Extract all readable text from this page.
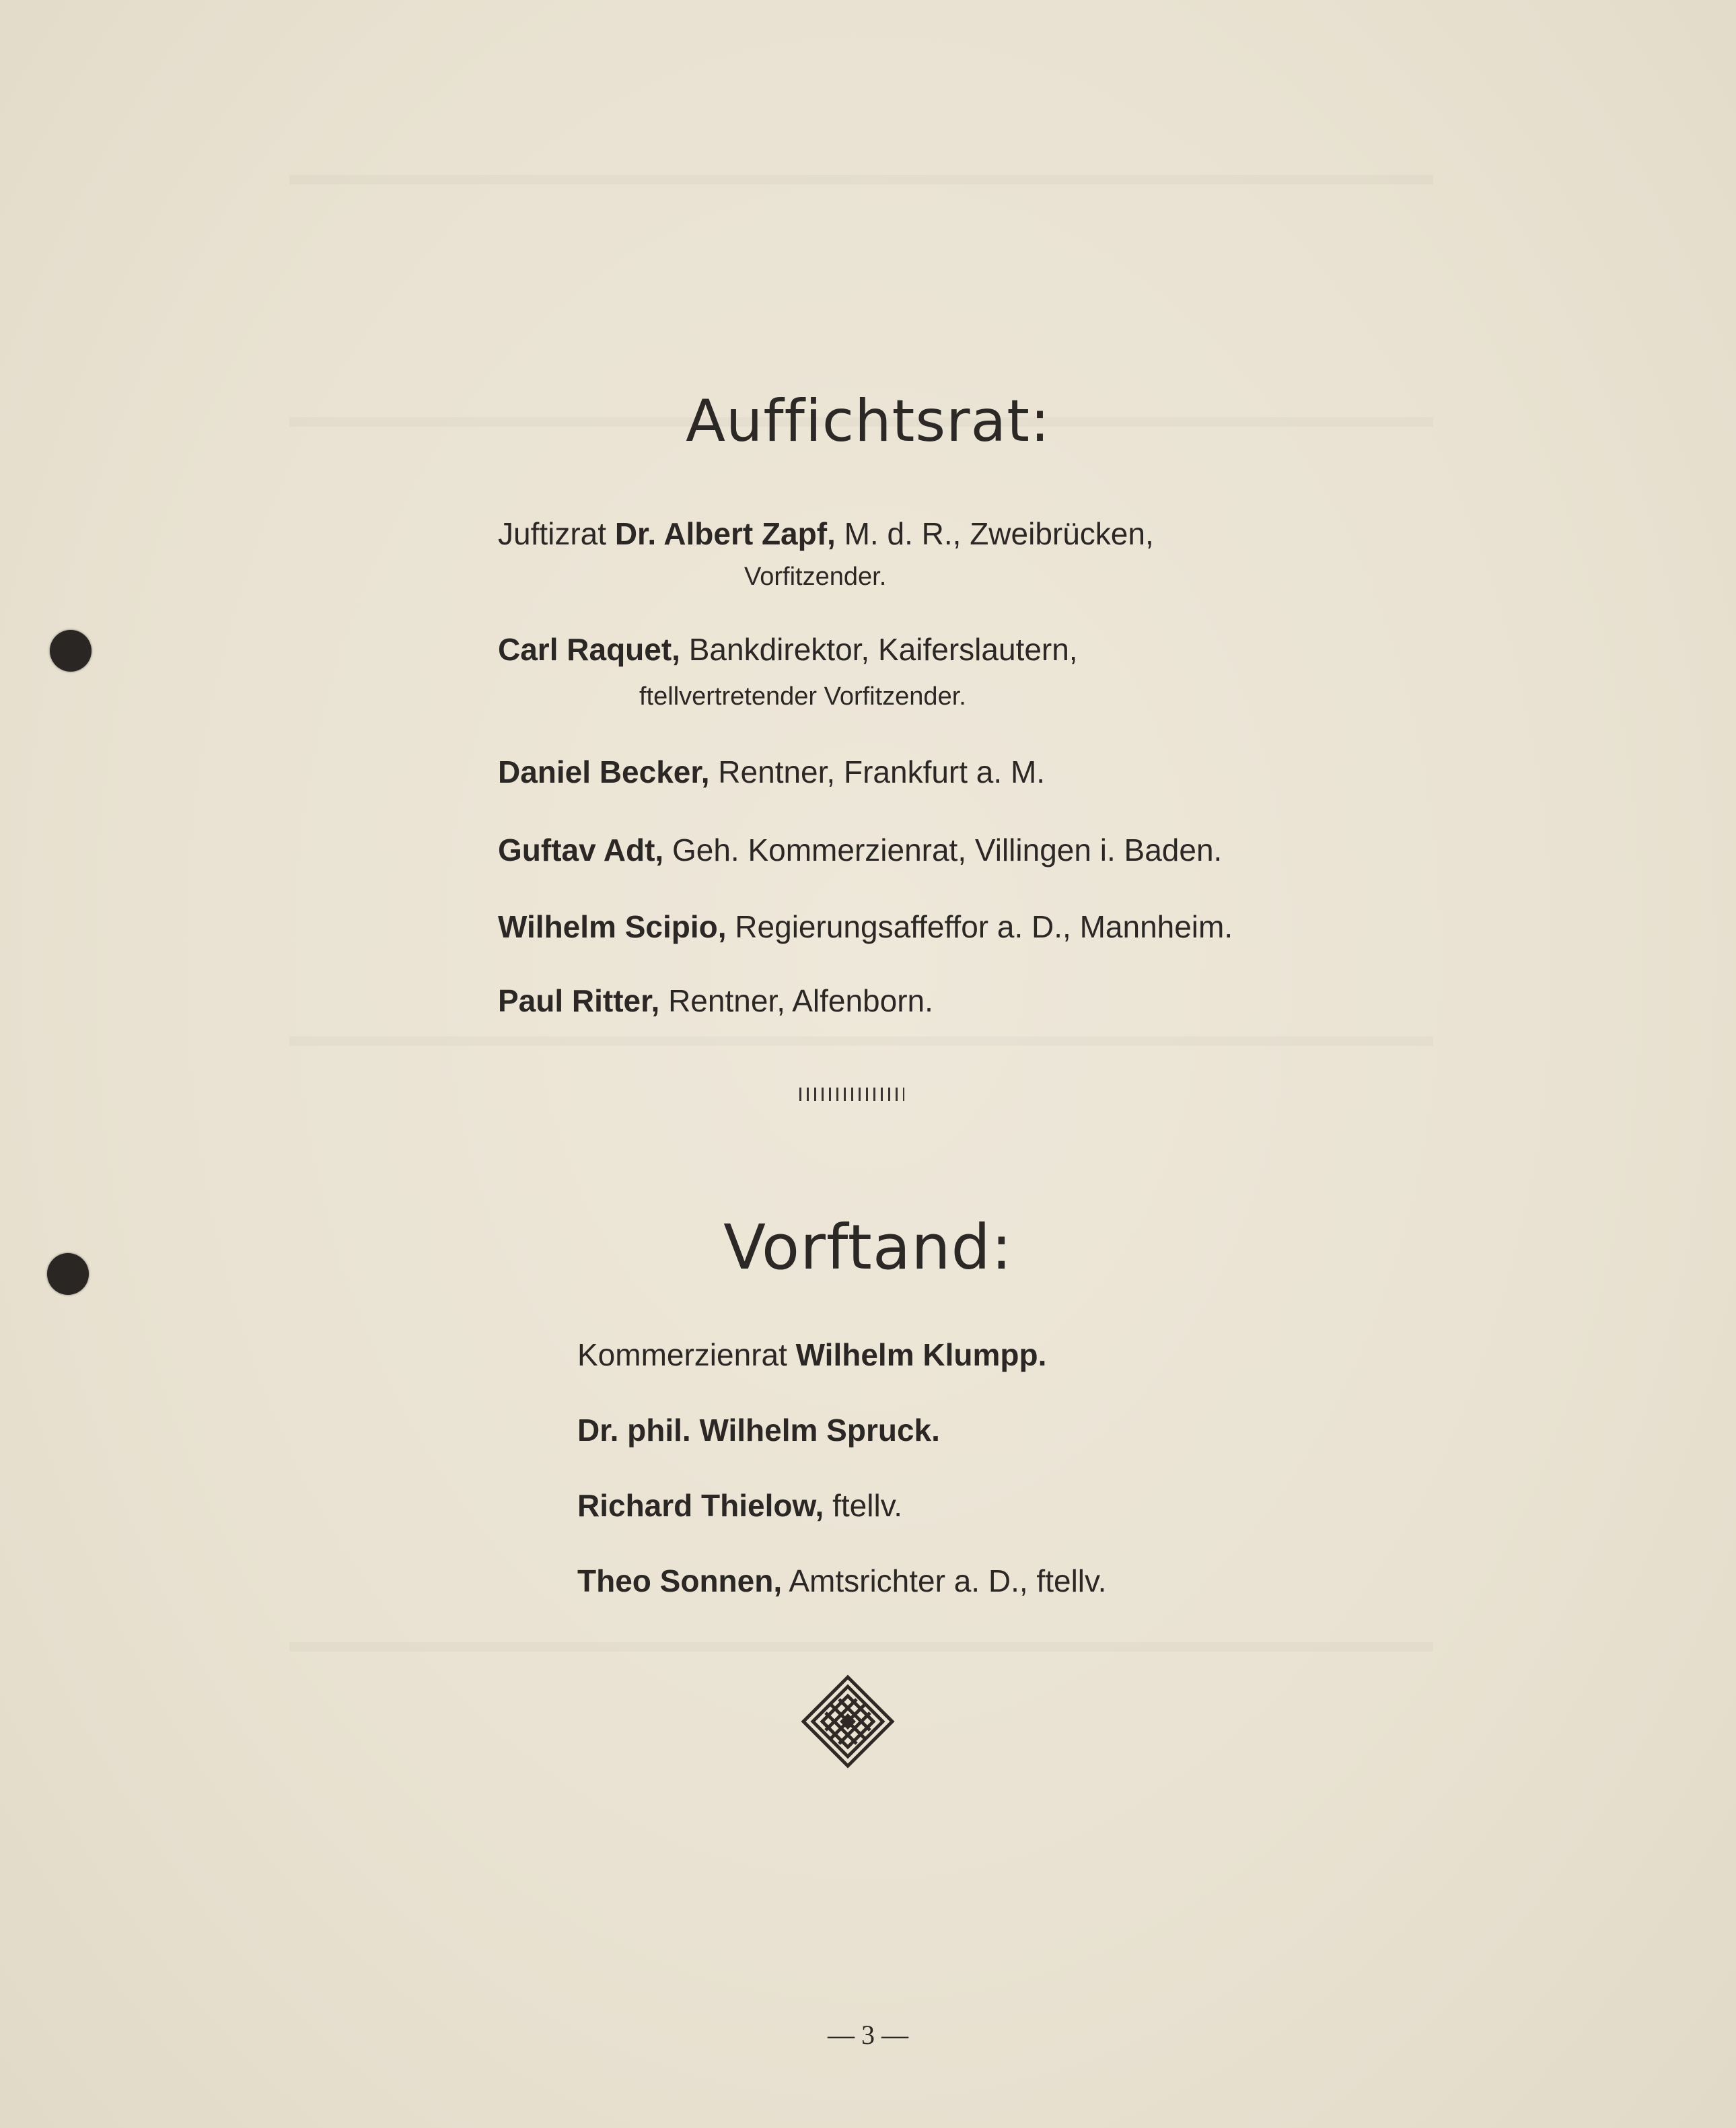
Auffichtsrat:
Juftizrat Dr. Albert Zapf, M. d. R., Zweibrücken,
Vorfitzender.
Carl Raquet, Bankdirektor, Kaiferslautern,
ftellvertretender Vorfitzender.
Daniel Becker, Rentner, Frankfurt a. M.
Guftav Adt, Geh. Kommerzienrat, Villingen i. Baden.
Wilhelm Scipio, Regierungsaffeffor a. D., Mannheim.
Paul Ritter, Rentner, Alfenborn.
Vorftand:
Kommerzienrat Wilhelm Klumpp.
Dr. phil. Wilhelm Spruck.
Richard Thielow, ftellv.
Theo Sonnen, Amtsrichter a. D., ftellv.
— 3 —
